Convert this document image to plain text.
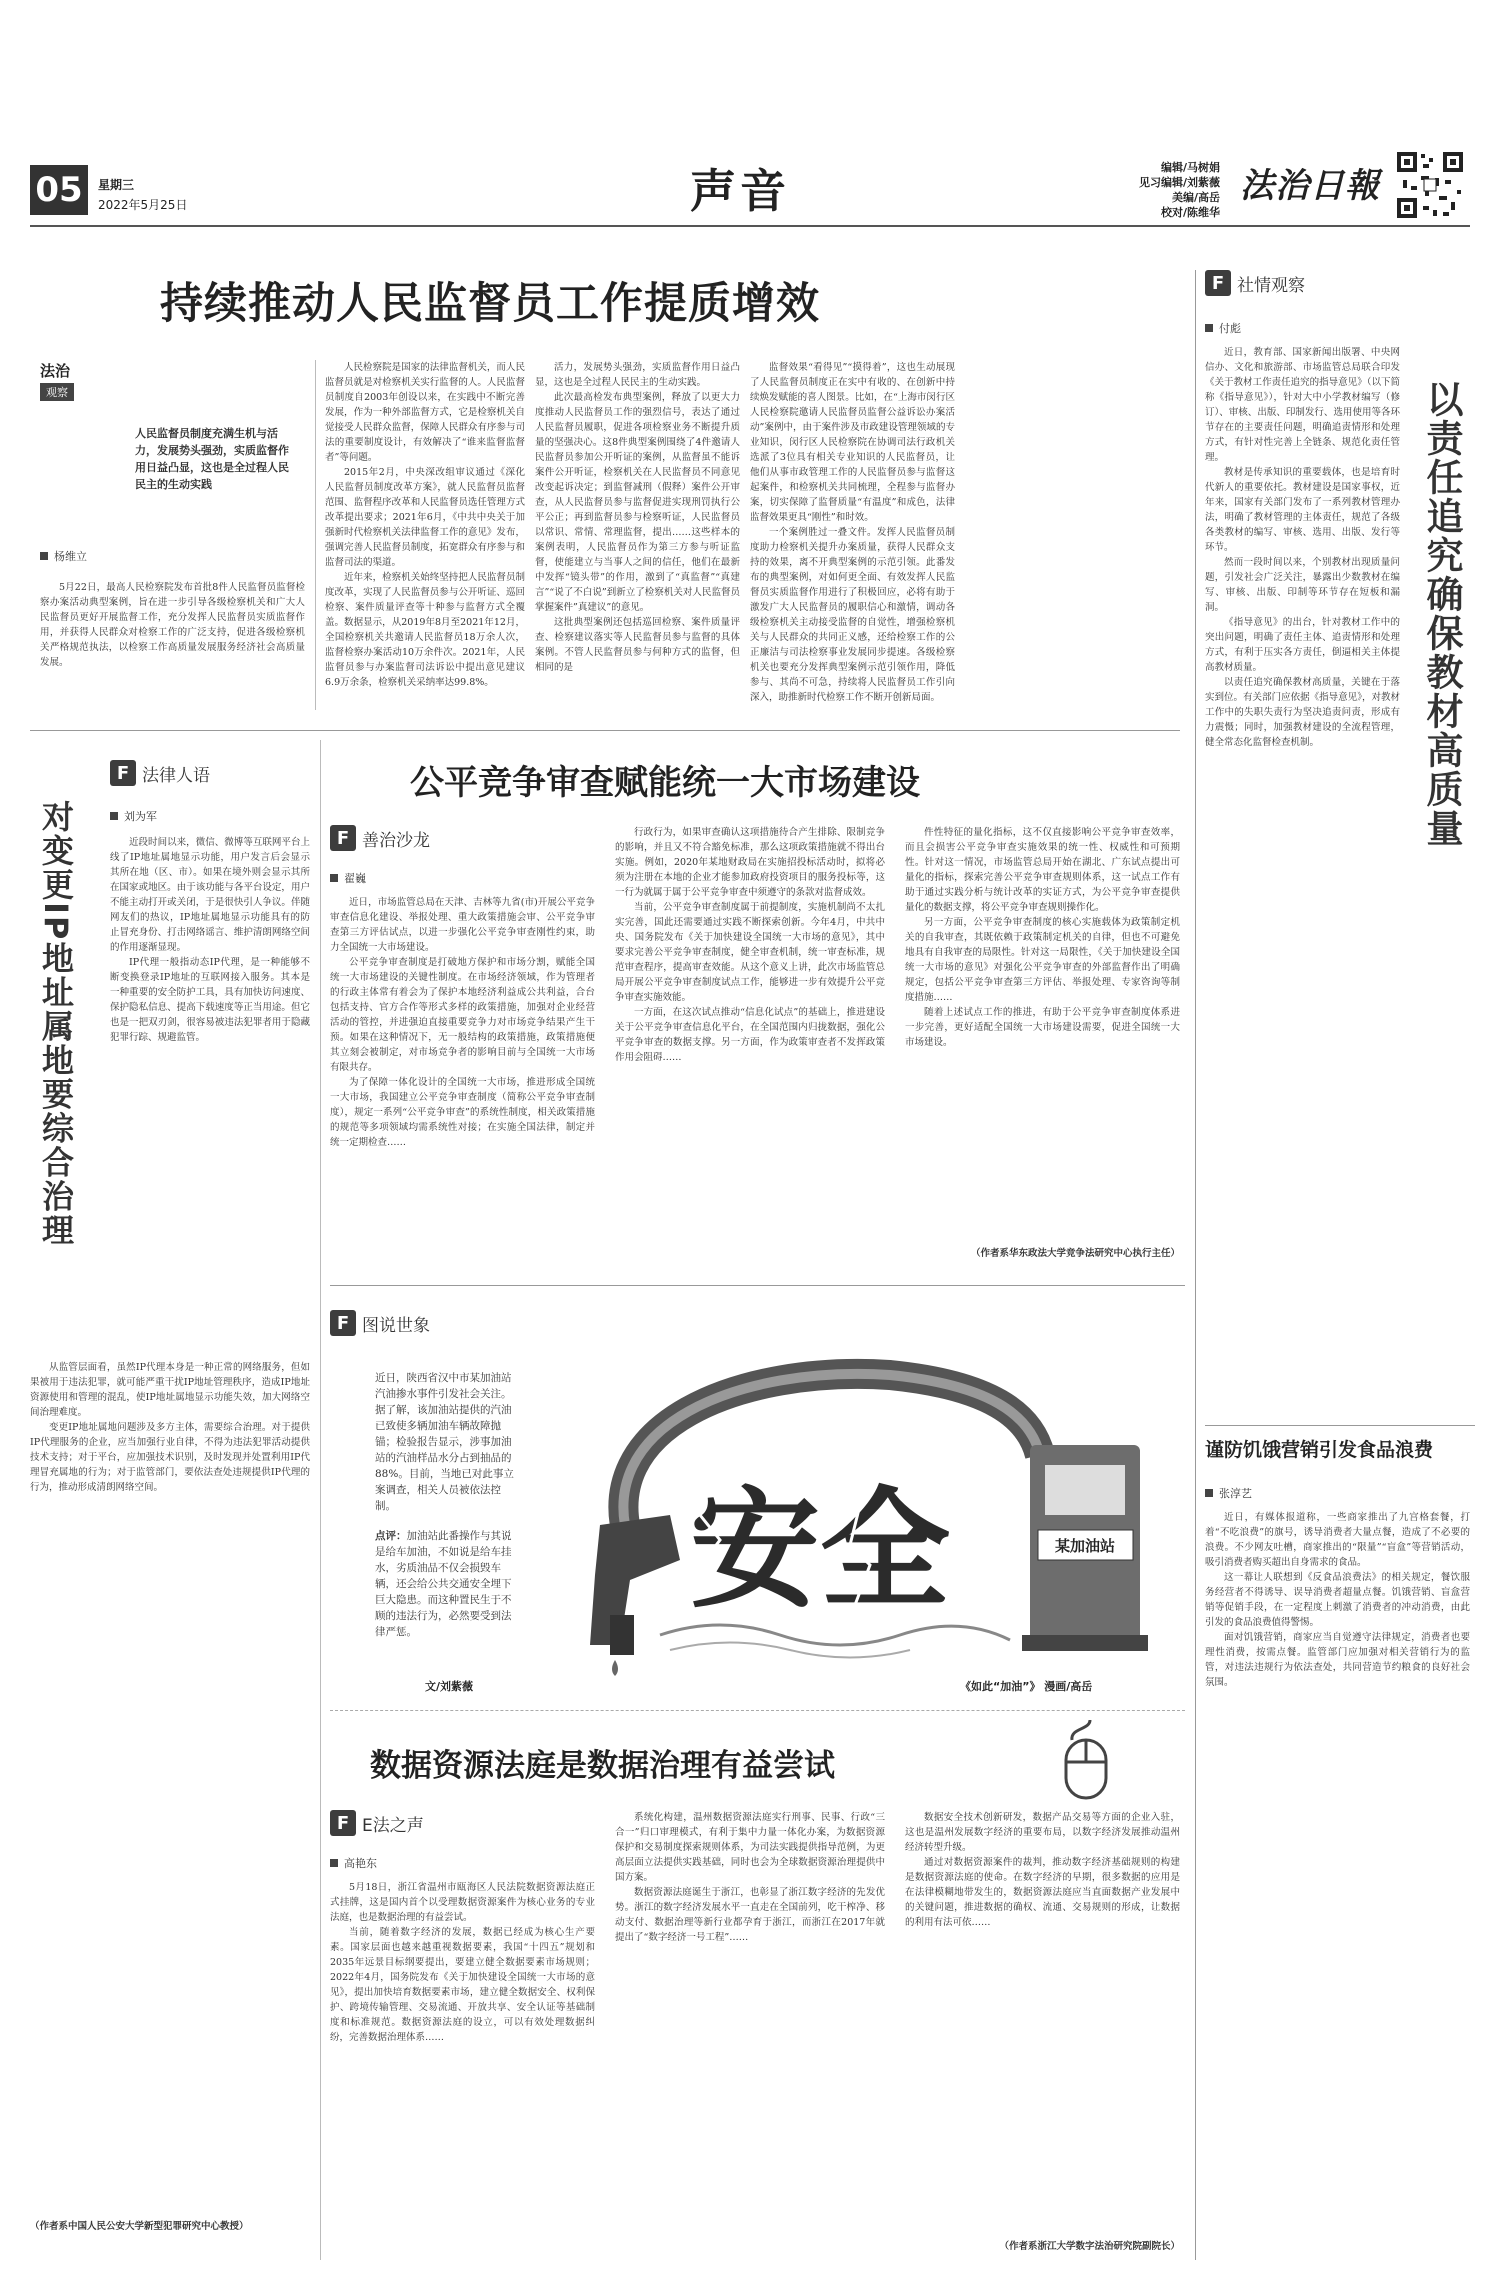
05	星期三
2022年5月25日	声音	编辑/马树娟
见习编辑/刘紫薇
美编/高岳
校对/陈维华
法治日報
持续推动人民监督员工作提质增效
法治
观察
人民监督员制度充满生机与活力，发展势头强劲，实质监督作用日益凸显，这也是全过程人民民主的生动实践
杨维立

5月22日，最高人民检察院发布首批8件人民监督员监督检察办案活动典型案例，旨在进一步引导各级检察机关和广大人民监督员更好开展监督工作，充分发挥人民监督员实质监督作用，并获得人民群众对检察工作的广泛支持，促进各级检察机关严格规范执法，以检察工作高质量发展服务经济社会高质量发展。

人民检察院是国家的法律监督机关，而人民监督员就是对检察机关实行监督的人。人民监督员制度自2003年创设以来，在实践中不断完善发展，作为一种外部监督方式，它是检察机关自觉接受人民群众监督，保障人民群众有序参与司法的重要制度设计，有效解决了“谁来监督监督者”等问题。

2015年2月，中央深改组审议通过《深化人民监督员制度改革方案》，就人民监督员监督范围、监督程序改革和人民监督员选任管理方式改革提出要求；2021年6月，《中共中央关于加强新时代检察机关法律监督工作的意见》发布，强调完善人民监督员制度，拓宽群众有序参与和监督司法的渠道。

近年来，检察机关始终坚持把人民监督员制度改革，实现了人民监督员参与公开听证、巡回检察、案件质量评查等十种参与监督方式全覆盖。数据显示，从2019年8月至2021年12月，全国检察机关共邀请人民监督员18万余人次，监督检察办案活动10万余件次。2021年，人民监督员参与办案监督司法诉讼中提出意见建议6.9万余条，检察机关采纳率达99.8%。

活力，发展势头强劲，实质监督作用日益凸显，这也是全过程人民民主的生动实践。

此次最高检发布典型案例，释放了以更大力度推动人民监督员工作的强烈信号，表达了通过人民监督员履职，促进各项检察业务不断提升质量的坚强决心。这8件典型案例围绕了4件邀请人民监督员参加公开听证的案例，从监督虽不能诉案件公开听证，检察机关在人民监督员不同意见改变起诉决定；到监督减刑（假释）案件公开审查，从人民监督员参与监督促进实现刑罚执行公平公正；再到监督员参与检察听证，人民监督员以常识、常情、常理监督，提出……这些样本的案例表明，人民监督员作为第三方参与听证监督，使能建立与当事人之间的信任，他们在最新中发挥“镜头带”的作用，激到了“真监督”“真建言”“说了不白说”到新立了检察机关对人民监督员掌握案件”真建议”的意见。

这批典型案例还包括巡回检察、案件质量评查、检察建议落实等人民监督员参与监督的具体案例。不管人民监督员参与何种方式的监督，但相同的是

监督效果“看得见”“摸得着”，这也生动展现了人民监督员制度正在实中有收的、在创新中持续焕发赋能的喜人图景。比如，在“上海市闵行区人民检察院邀请人民监督员监督公益诉讼办案活动”案例中，由于案件涉及市政建设管理领域的专业知识，闵行区人民检察院在协调司法行政机关选派了3位具有相关专业知识的人民监督员，让他们从事市政管理工作的人民监督员参与监督这起案件，和检察机关共同梳理，全程参与监督办案，切实保障了监督质量“有温度”和成色，法律监督效果更具“刚性”和时效。

一个案例胜过一叠文件。发挥人民监督员制度助力检察机关提升办案质量，获得人民群众支持的效果，离不开典型案例的示范引领。此番发布的典型案例，对如何更全面、有效发挥人民监督员实质监督作用进行了积极回应，必将有助于激发广大人民监督员的履职信心和激情，调动各级检察机关主动接受监督的自觉性，增强检察机关与人民群众的共同正义感，还给检察工作的公正廉洁与司法检察事业发展同步提速。各级检察机关也要充分发挥典型案例示范引领作用，降低参与、其尚不可急，持续将人民监督员工作引向深入，助推新时代检察工作不断开创新局面。

F 社情观察
付彪

近日，教育部、国家新闻出版署、中央网信办、文化和旅游部、市场监管总局联合印发《关于教材工作责任追究的指导意见》（以下简称《指导意见》），针对大中小学教材编写（修订）、审核、出版、印制发行、选用使用等各环节存在的主要责任问题，明确追责情形和处理方式，有针对性完善上全链条、规范化责任管理。

教材是传承知识的重要载体，也是培育时代新人的重要依托。教材建设是国家事权，近年来，国家有关部门发布了一系列教材管理办法，明确了教材管理的主体责任，规范了各级各类教材的编写、审核、选用、出版、发行等环节。

然而一段时间以来，个别教材出现质量问题，引发社会广泛关注，暴露出少数教材在编写、审核、出版、印制等环节存在短板和漏洞。

《指导意见》的出台，针对教材工作中的突出问题，明确了责任主体、追责情形和处理方式，有利于压实各方责任，倒逼相关主体提高教材质量。

以责任追究确保教材高质量，关键在于落实到位。有关部门应依据《指导意见》，对教材工作中的失职失责行为坚决追责问责，形成有力震慑；同时，加强教材建设的全流程管理，健全常态化监督检查机制。	以责任追究确保教材高质量
谨防饥饿营销引发食品浪费
张淳艺

近日，有媒体报道称，一些商家推出了九宫格套餐，打着“不吃浪费”的旗号，诱导消费者大量点餐，造成了不必要的浪费。不少网友吐槽，商家推出的“限量”“盲盒”等营销活动，吸引消费者购买超出自身需求的食品。

这一幕让人联想到《反食品浪费法》的相关规定，餐饮服务经营者不得诱导、误导消费者超量点餐。饥饿营销、盲盒营销等促销手段，在一定程度上刺激了消费者的冲动消费，由此引发的食品浪费值得警惕。

面对饥饿营销，商家应当自觉遵守法律规定，消费者也要理性消费，按需点餐。监管部门应加强对相关营销行为的监管，对违法违规行为依法查处，共同营造节约粮食的良好社会氛围。

F 法律人语
刘为军
对变更IP地址属地要综合治理	近段时间以来，微信、微博等互联网平台上线了IP地址属地显示功能，用户发言后会显示其所在地（区、市）。如果在境外则会显示其所在国家或地区。由于该功能与各平台设定，用户不能主动打开或关闭，于是很快引人争议。伴随网友们的热议，IP地址属地显示功能具有的防止冒充身份、打击网络谣言、维护清朗网络空间的作用逐渐显现。

IP代理一般指动态IP代理，是一种能够不断变换登录IP地址的互联网接入服务。其本是一种重要的安全防护工具，具有加快访问速度、保护隐私信息、提高下载速度等正当用途。但它也是一把双刃剑，很容易被违法犯罪者用于隐藏犯罪行踪、规避监管。

从监管层面看，虽然IP代理本身是一种正常的网络服务，但如果被用于违法犯罪，就可能严重干扰IP地址管理秩序，造成IP地址资源使用和管理的混乱，使IP地址属地显示功能失效，加大网络空间治理难度。

变更IP地址属地问题涉及多方主体，需要综合治理。对于提供IP代理服务的企业，应当加强行业自律，不得为违法犯罪活动提供技术支持；对于平台，应加强技术识别，及时发现并处置利用IP代理冒充属地的行为；对于监管部门，要依法查处违规提供IP代理的行为，推动形成清朗网络空间。

（作者系中国人民公安大学新型犯罪研究中心教授）
公平竞争审查赋能统一大市场建设
F 善治沙龙
翟巍

近日，市场监管总局在天津、吉林等九省(市)开展公平竞争审查信息化建设、举报处理、重大政策措施会审、公平竞争审查第三方评估试点，以进一步强化公平竞争审查刚性约束，助力全国统一大市场建设。

公平竞争审查制度是打破地方保护和市场分割，赋能全国统一大市场建设的关键性制度。在市场经济领域，作为管理者的行政主体常有着会为了保护本地经济利益成公共利益，合台包括支持、官方合作等形式多样的政策措施，加强对企业经营活动的管控，并进强迫直接重要竞争力对市场竞争结果产生干预。如果在这种情况下，无一般结构的政策措施，政策措施便其立刻会被制定，对市场竞争者的影响目前与全国统一大市场有限共存。

为了保障一体化设计的全国统一大市场，推进形成全国统一大市场，我国建立公平竞争审查制度（简称公平竞争审查制度），规定一系列“公平竞争审查”的系统性制度，相关政策措施的规范等多项领域均需系统性对接；在实施全国法律，制定并统一定期检查……

行政行为，如果审查确认这项措施待合产生排除、限制竞争的影响，并且又不符合豁免标准，那么这项政策措施就不得出台实施。例如，2020年某地财政局在实施招投标活动时，拟将必须为注册在本地的企业才能参加政府投资项目的服务投标等，这一行为就属于属于公平竞争审查中须遵守的条款对监督成效。

当前，公平竞争审查制度属于前提制度，实施机制尚不太扎实完善，国此还需要通过实践不断探索创新。今年4月，中共中央、国务院发布《关于加快建设全国统一大市场的意见》，其中要求完善公平竞争审查制度，健全审查机制，统一审查标准，规范审查程序，提高审查效能。从这个意义上讲，此次市场监管总局开展公平竞争审查制度试点工作，能够进一步有效提升公平竞争审查实施效能。

一方面，在这次试点推动“信息化试点”的基础上，推进建设关于公平竞争审查信息化平台，在全国范围内归拢数据，强化公平竞争审查的数据支撑。另一方面，作为政策审查者不发挥政策作用会阻碍……

件性特征的量化指标，这不仅直接影响公平竞争审查效率，而且会损害公平竞争审查实施效果的统一性、权威性和可预期性。针对这一情况，市场监管总局开始在湖北、广东试点提出可量化的指标，探索完善公平竞争审查规则体系，这一试点工作有助于通过实践分析与统计改革的实证方式，为公平竞争审查提供量化的数据支撑，将公平竞争审查规则操作化。

另一方面，公平竞争审查制度的核心实施载体为政策制定机关的自我审查，其既依赖于政策制定机关的自律，但也不可避免地具有自我审查的局限性。针对这一局限性，《关于加快建设全国统一大市场的意见》对强化公平竞争审查的外部监督作出了明确规定，包括公平竞争审查第三方评估、举报处理、专家咨询等制度措施……

随着上述试点工作的推进，有助于公平竞争审查制度体系进一步完善，更好适配全国统一大市场建设需要，促进全国统一大市场建设。

（作者系华东政法大学竞争法研究中心执行主任）
F 图说世象
近日，陕西省汉中市某加油站汽油掺水事件引发社会关注。据了解，该加油站提供的汽油已致使多辆加油车辆故障抛锚；检验报告显示，涉事加油站的汽油样品水分占到抽品的88%。目前，当地已对此事立案调查，相关人员被依法控制。
点评：加油站此番操作与其说是给车加油，不如说是给车挂水，劣质油品不仅会损毁车辆，还会给公共交通安全埋下巨大隐患。而这种置民生于不顾的违法行为，必然要受到法律严惩。
文/刘紫薇
某加油站
安全
《如此“加油”》 漫画/高岳
数据资源法庭是数据治理有益尝试
F E法之声
高艳东

5月18日，浙江省温州市瓯海区人民法院数据资源法庭正式挂牌，这是国内首个以受理数据资源案件为核心业务的专业法庭，也是数据治理的有益尝试。

当前，随着数字经济的发展，数据已经成为核心生产要素。国家层面也越来越重视数据要素，我国“十四五”规划和2035年远景目标纲要提出，要建立健全数据要素市场规则；2022年4月，国务院发布《关于加快建设全国统一大市场的意见》，提出加快培育数据要素市场，建立健全数据安全、权利保护、跨境传输管理、交易流通、开放共享、安全认证等基础制度和标准规范。数据资源法庭的设立，可以有效处理数据纠纷，完善数据治理体系……

系统化构建，温州数据资源法庭实行刑事、民事、行政“三合一”归口审理模式，有利于集中力量一体化办案，为数据资源保护和交易制度探索规则体系，为司法实践提供指导范例，为更高层面立法提供实践基础，同时也会为全球数据资源治理提供中国方案。

数据资源法庭诞生于浙江，也彰显了浙江数字经济的先发优势。浙江的数字经济发展水平一直走在全国前列，吃干榨净、移动支付、数据治理等新行业都孕育于浙江，而浙江在2017年就提出了“数字经济一号工程”……

数据安全技术创新研发，数据产品交易等方面的企业入驻，这也是温州发展数字经济的重要布局，以数字经济发展推动温州经济转型升级。

通过对数据资源案件的裁判，推动数字经济基础规则的构建是数据资源法庭的使命。在数字经济的早期，很多数据的应用是在法律模糊地带发生的，数据资源法庭应当直面数据产业发展中的关键问题，推进数据的确权、流通、交易规则的形成，让数据的利用有法可依……

（作者系浙江大学数字法治研究院副院长）
